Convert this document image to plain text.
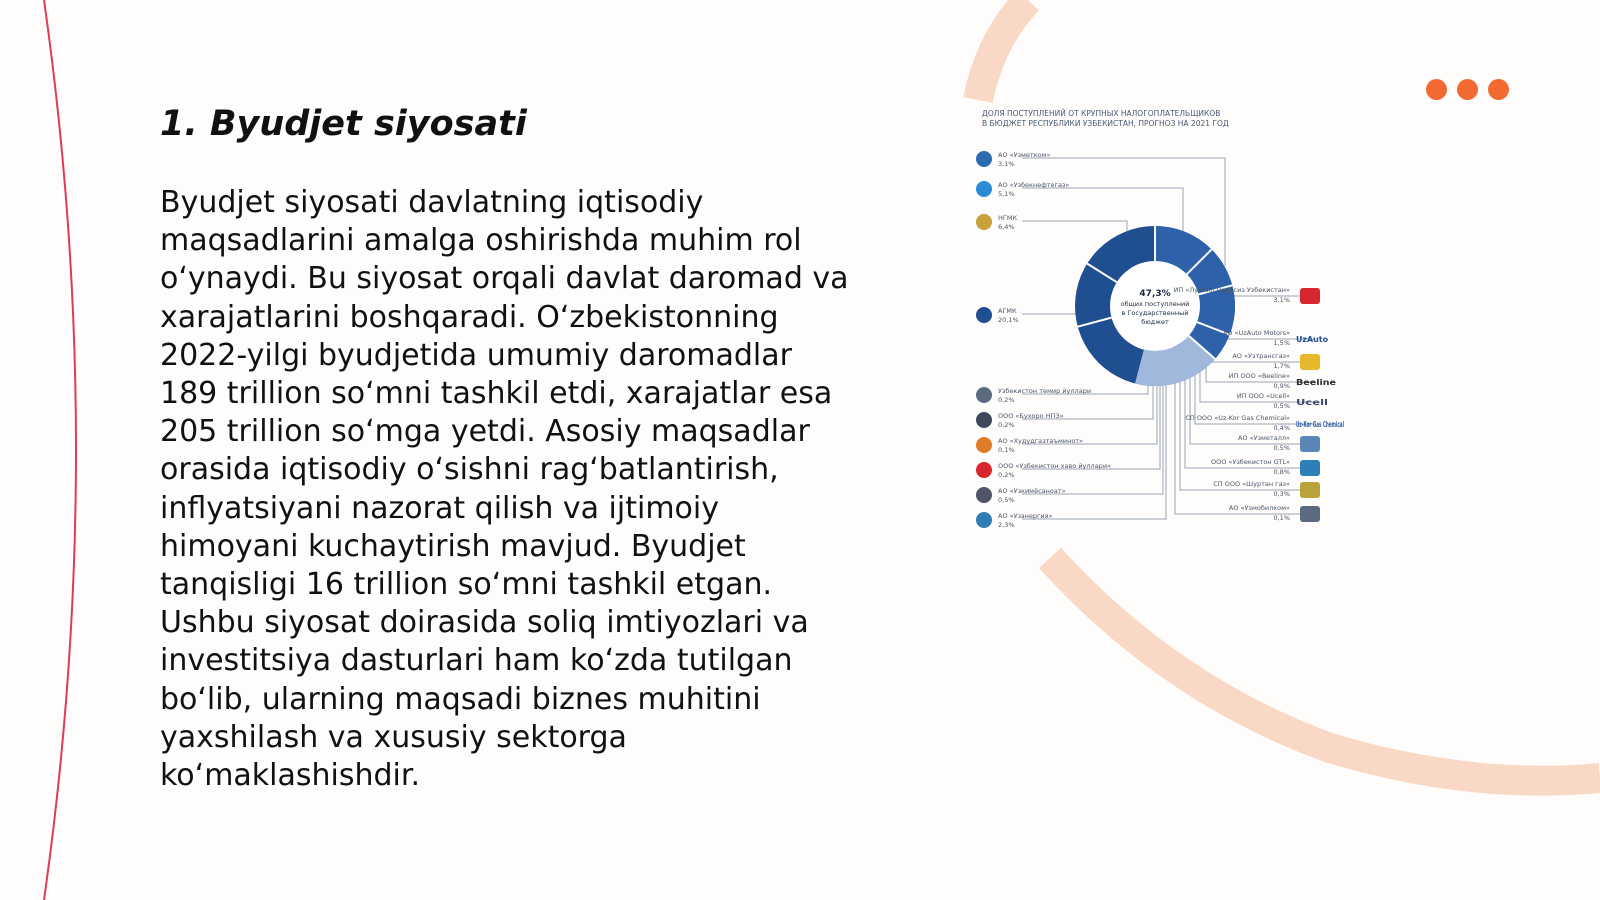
1. Byudjet siyosati

Byudjet siyosati davlatning iqtisodiy maqsadlarini amalga oshirishda muhim rol oʻynaydi. Bu siyosat orqali davlat daromad va xarajatlarini boshqaradi. Oʻzbekistonning 2022-yilgi byudjetida umumiy daromadlar 189 trillion soʻmni tashkil etdi, xarajatlar esa 205 trillion soʻmga yetdi. Asosiy maqsadlar orasida iqtisodiy oʻsishni ragʻbatlantirish, inflyatsiyani nazorat qilish va ijtimoiy himoyani kuchaytirish mavjud. Byudjet tanqisligi 16 trillion soʻmni tashkil etgan. Ushbu siyosat doirasida soliq imtiyozlari va investitsiya dasturlari ham koʻzda tutilgan boʻlib, ularning maqsadi biznes muhitini yaxshilash va xususiy sektorga koʻmaklashishdir.

ДОЛЯ ПОСТУПЛЕНИЙ ОТ КРУПНЫХ НАЛОГОПЛАТЕЛЬЩИКОВ
В БЮДЖЕТ РЕСПУБЛИКИ УЗБЕКИСТАН, ПРОГНОЗ НА 2021 ГОД
47,3%
общих поступлений
в Государственный
бюджет
АО «Узметком»
3,1%
АО «Узбекнефтегаз»
5,1%
НГМК
6,4%
АГМК
20,1%
Узбекистон темир йуллари
0,2%
ООО «Бухоро НПЗ»
0,2%
АО «Худудгазтаъминот»
0,1%
ООО «Узбекистон хаво йуллари»
0,2%
АО «Узкимёсаноат»
0,5%
АО «Узэнергия»
2,3%
ИП «Лукойл Оверсиз Узбекистан»
3,1%
АО «UzAuto Motors»
1,5% UzAuto
АО «Узтрансгаз»
1,7%
ИП ООО «Beeline»
0,9% Beeline
ИП ООО «Ucell»
0,5% Ucell
СП ООО «Uz-Kor Gas Chemical»
0,4% Uz-Kor Gas Chemical
АО «Узметалл»
0,5%
ООО «Узбекистон GTL»
0,8%
СП ООО «Шуртан газ»
0,3%
АО «Узмобилком»
0,1%
